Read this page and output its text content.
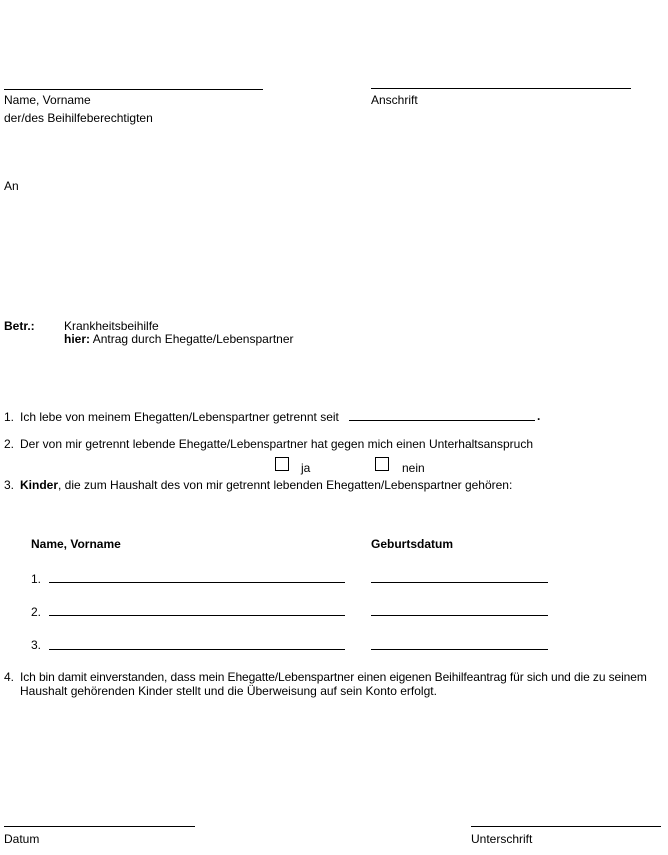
Name, Vorname
der/des Beihilfeberechtigten
Anschrift
An
Betr.: Krankheitsbeihilfe
hier: Antrag durch Ehegatte/Lebenspartner
1. Ich lebe von meinem Ehegatten/Lebenspartner getrennt seit	.
2. Der von mir getrennt lebende Ehegatte/Lebenspartner hat gegen mich einen Unterhaltsanspruch
ja	nein
3. Kinder, die zum Haushalt des von mir getrennt lebenden Ehegatten/Lebenspartner gehören:
Name, Vorname	Geburtsdatum
1.
2.
3.
4. Ich bin damit einverstanden, dass mein Ehegatte/Lebenspartner einen eigenen Beihilfeantrag für sich und die zu seinem
Haushalt gehörenden Kinder stellt und die Überweisung auf sein Konto erfolgt.
Datum	Unterschrift
